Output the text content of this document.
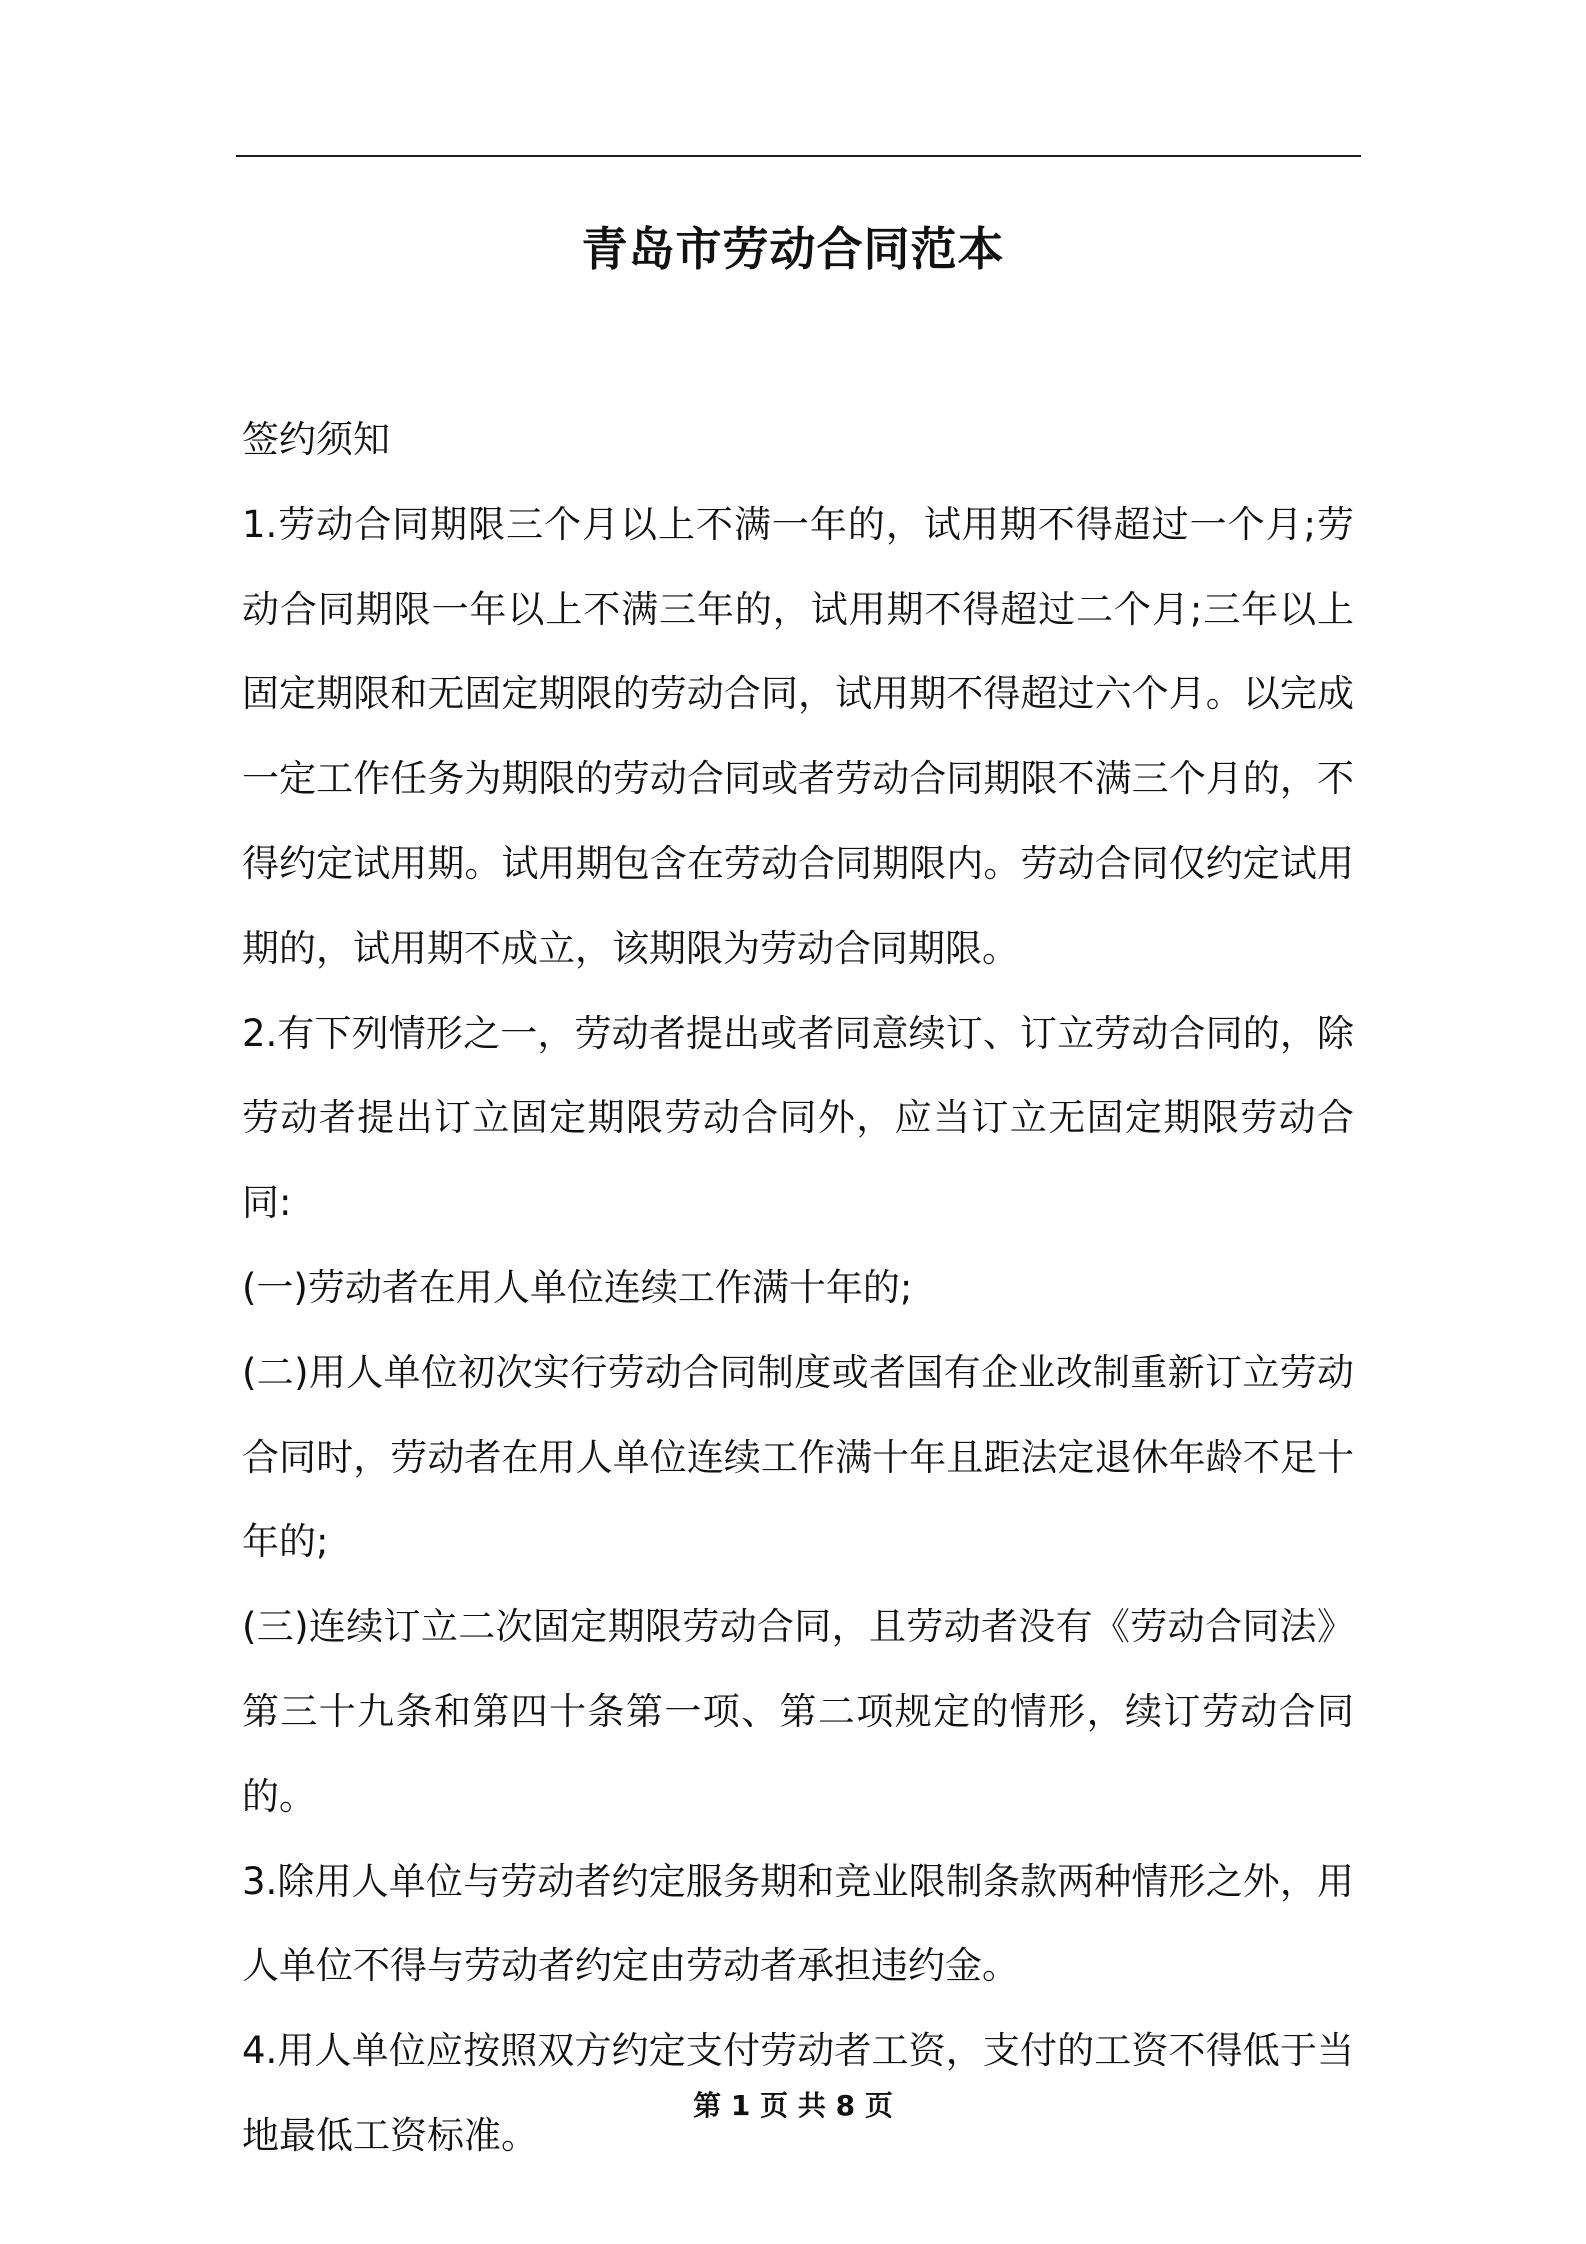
青岛市劳动合同范本

签约须知

1.劳动合同期限三个月以上不满一年的，试用期不得超过一个月;劳动合同期限一年以上不满三年的，试用期不得超过二个月;三年以上固定期限和无固定期限的劳动合同，试用期不得超过六个月。以完成一定工作任务为期限的劳动合同或者劳动合同期限不满三个月的，不得约定试用期。试用期包含在劳动合同期限内。劳动合同仅约定试用期的，试用期不成立，该期限为劳动合同期限。

2.有下列情形之一，劳动者提出或者同意续订、订立劳动合同的，除劳动者提出订立固定期限劳动合同外，应当订立无固定期限劳动合同:

(一)劳动者在用人单位连续工作满十年的;

(二)用人单位初次实行劳动合同制度或者国有企业改制重新订立劳动合同时，劳动者在用人单位连续工作满十年且距法定退休年龄不足十年的;

(三)连续订立二次固定期限劳动合同，且劳动者没有《劳动合同法》第三十九条和第四十条第一项、第二项规定的情形，续订劳动合同的。

3.除用人单位与劳动者约定服务期和竞业限制条款两种情形之外，用人单位不得与劳动者约定由劳动者承担违约金。

4.用人单位应按照双方约定支付劳动者工资，支付的工资不得低于当地最低工资标准。

第 1 页 共 8 页
